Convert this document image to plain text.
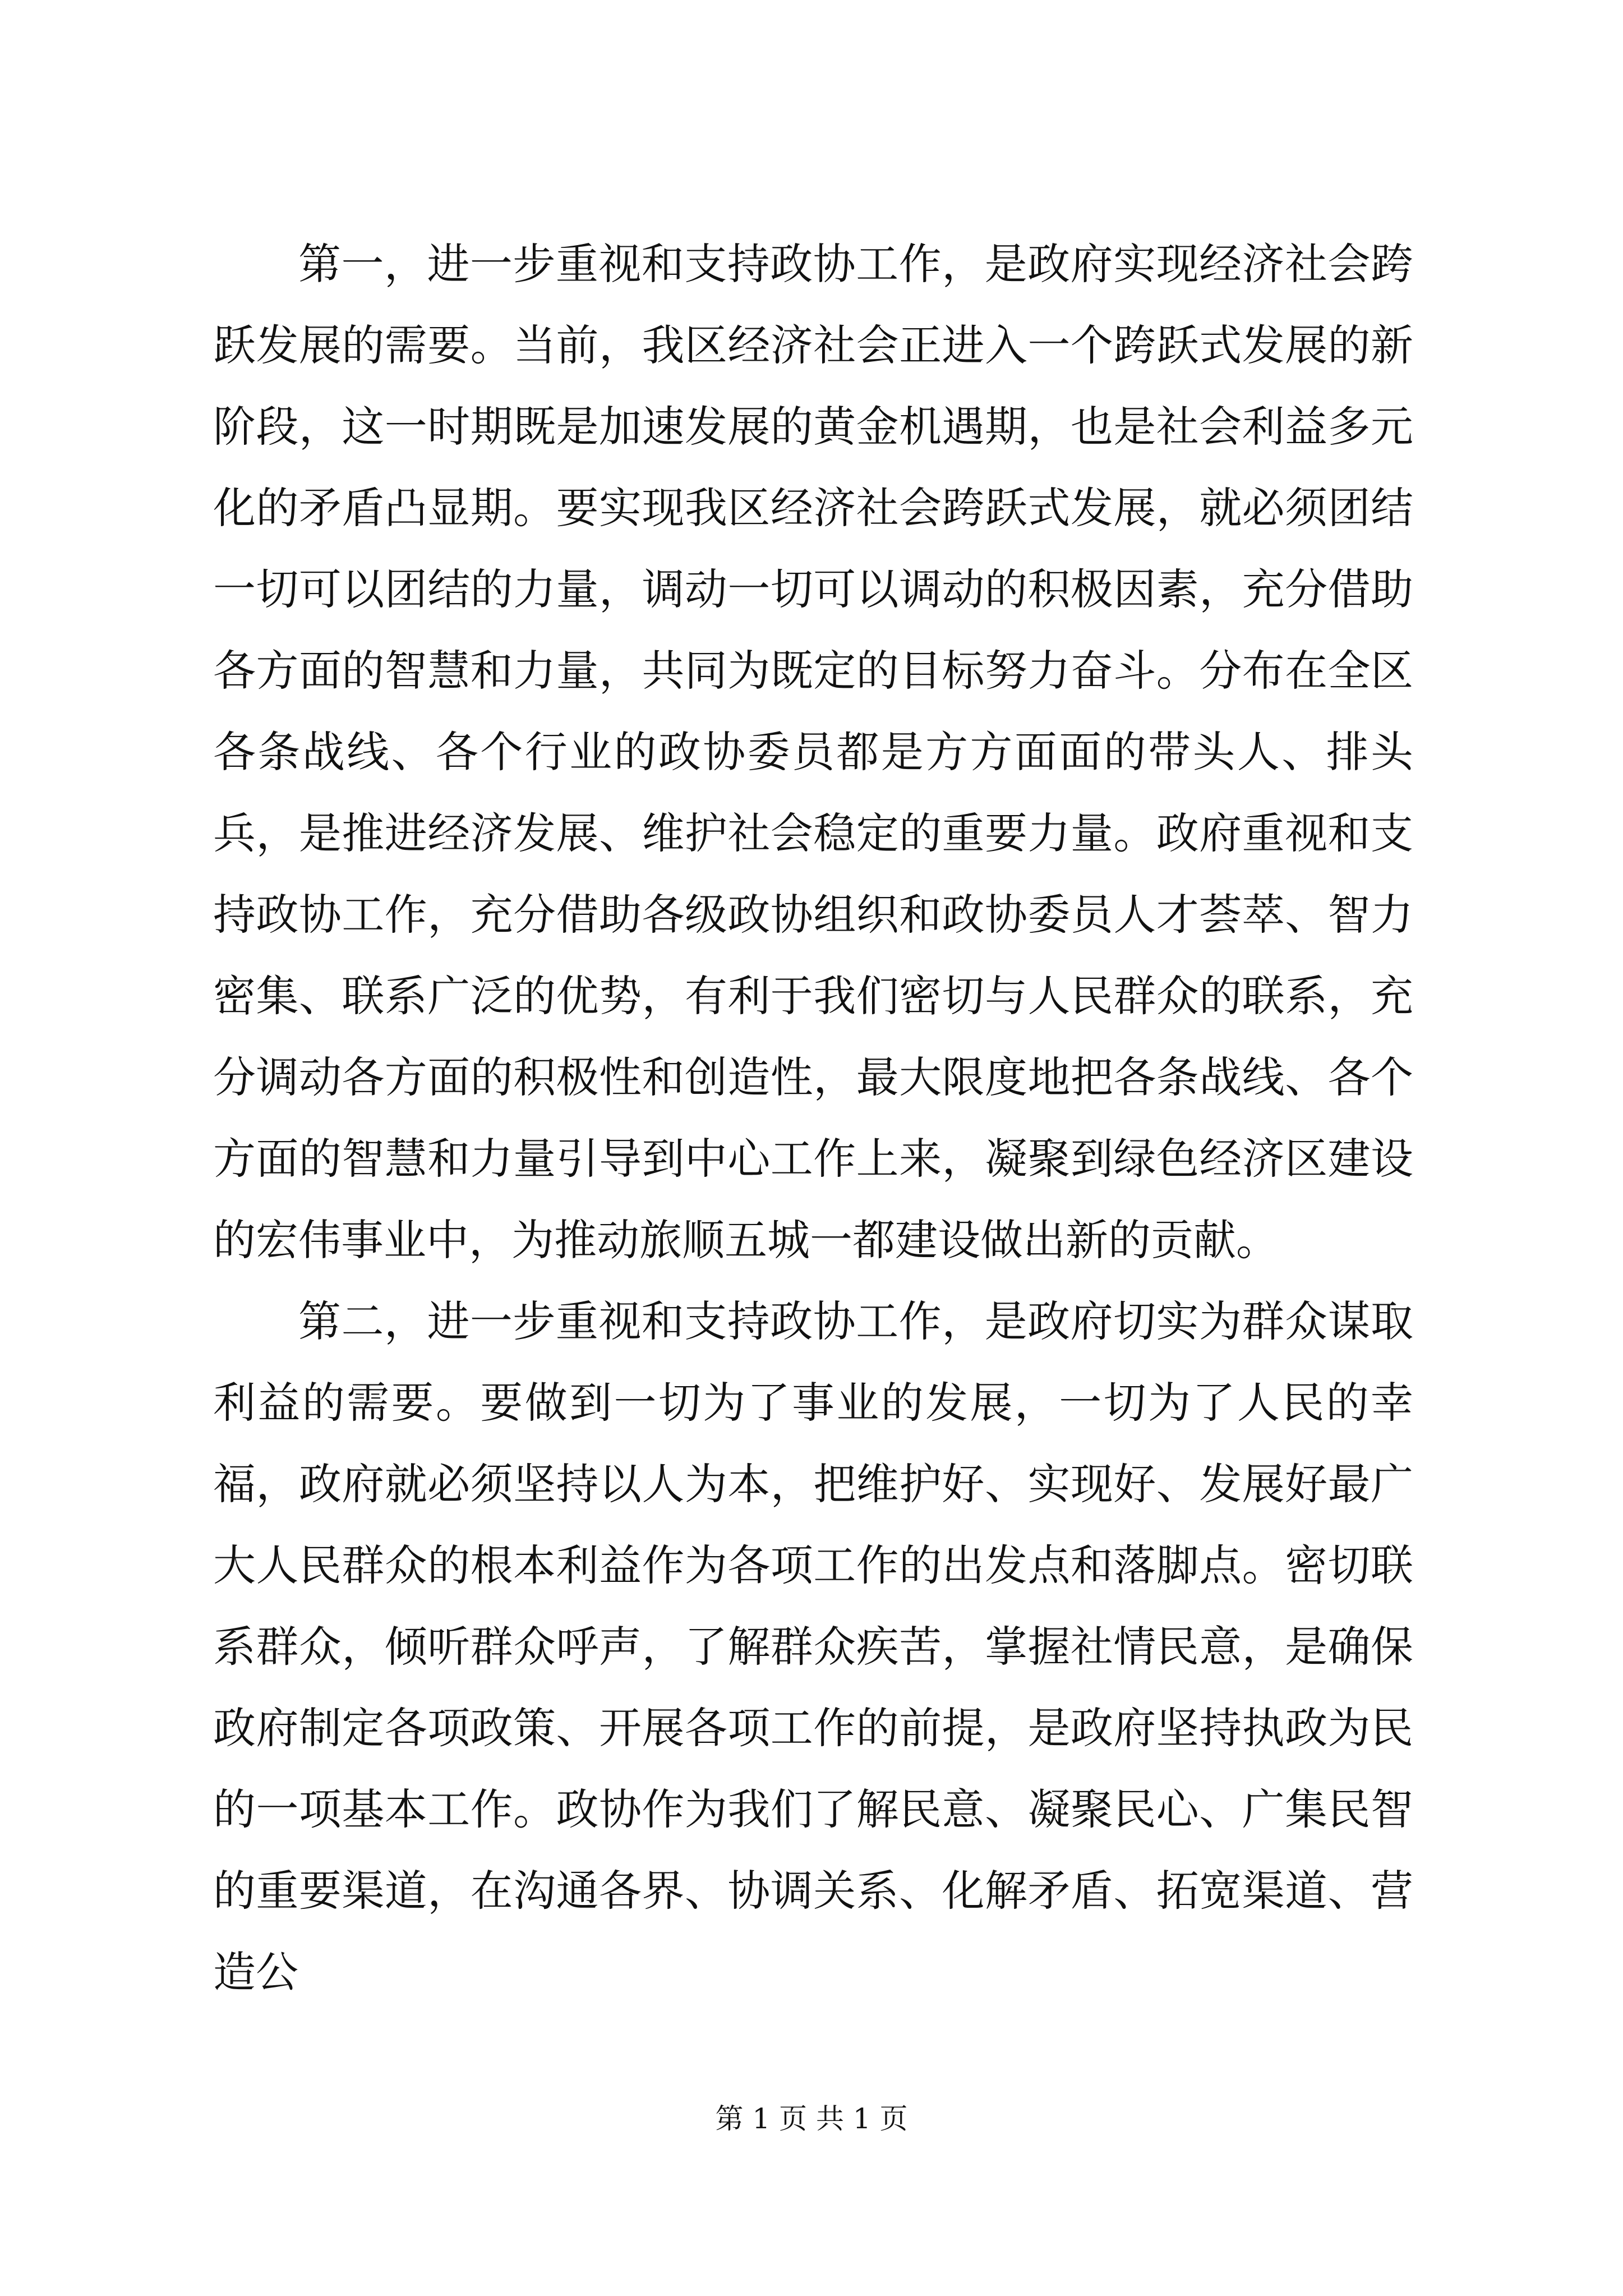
第一，进一步重视和支持政协工作，是政府实现经济社会跨跃发展的需要。当前，我区经济社会正进入一个跨跃式发展的新阶段，这一时期既是加速发展的黄金机遇期，也是社会利益多元化的矛盾凸显期。要实现我区经济社会跨跃式发展，就必须团结一切可以团结的力量，调动一切可以调动的积极因素，充分借助各方面的智慧和力量，共同为既定的目标努力奋斗。分布在全区各条战线、各个行业的政协委员都是方方面面的带头人、排头兵，是推进经济发展、维护社会稳定的重要力量。政府重视和支持政协工作，充分借助各级政协组织和政协委员人才荟萃、智力密集、联系广泛的优势，有利于我们密切与人民群众的联系，充分调动各方面的积极性和创造性，最大限度地把各条战线、各个方面的智慧和力量引导到中心工作上来，凝聚到绿色经济区建设的宏伟事业中，为推动旅顺五城一都建设做出新的贡献。

第二，进一步重视和支持政协工作，是政府切实为群众谋取利益的需要。要做到一切为了事业的发展，一切为了人民的幸福，政府就必须坚持以人为本，把维护好、实现好、发展好最广大人民群众的根本利益作为各项工作的出发点和落脚点。密切联系群众，倾听群众呼声，了解群众疾苦，掌握社情民意，是确保政府制定各项政策、开展各项工作的前提，是政府坚持执政为民的一项基本工作。政协作为我们了解民意、凝聚民心、广集民智的重要渠道，在沟通各界、协调关系、化解矛盾、拓宽渠道、营造公

第 1 页 共 1 页
